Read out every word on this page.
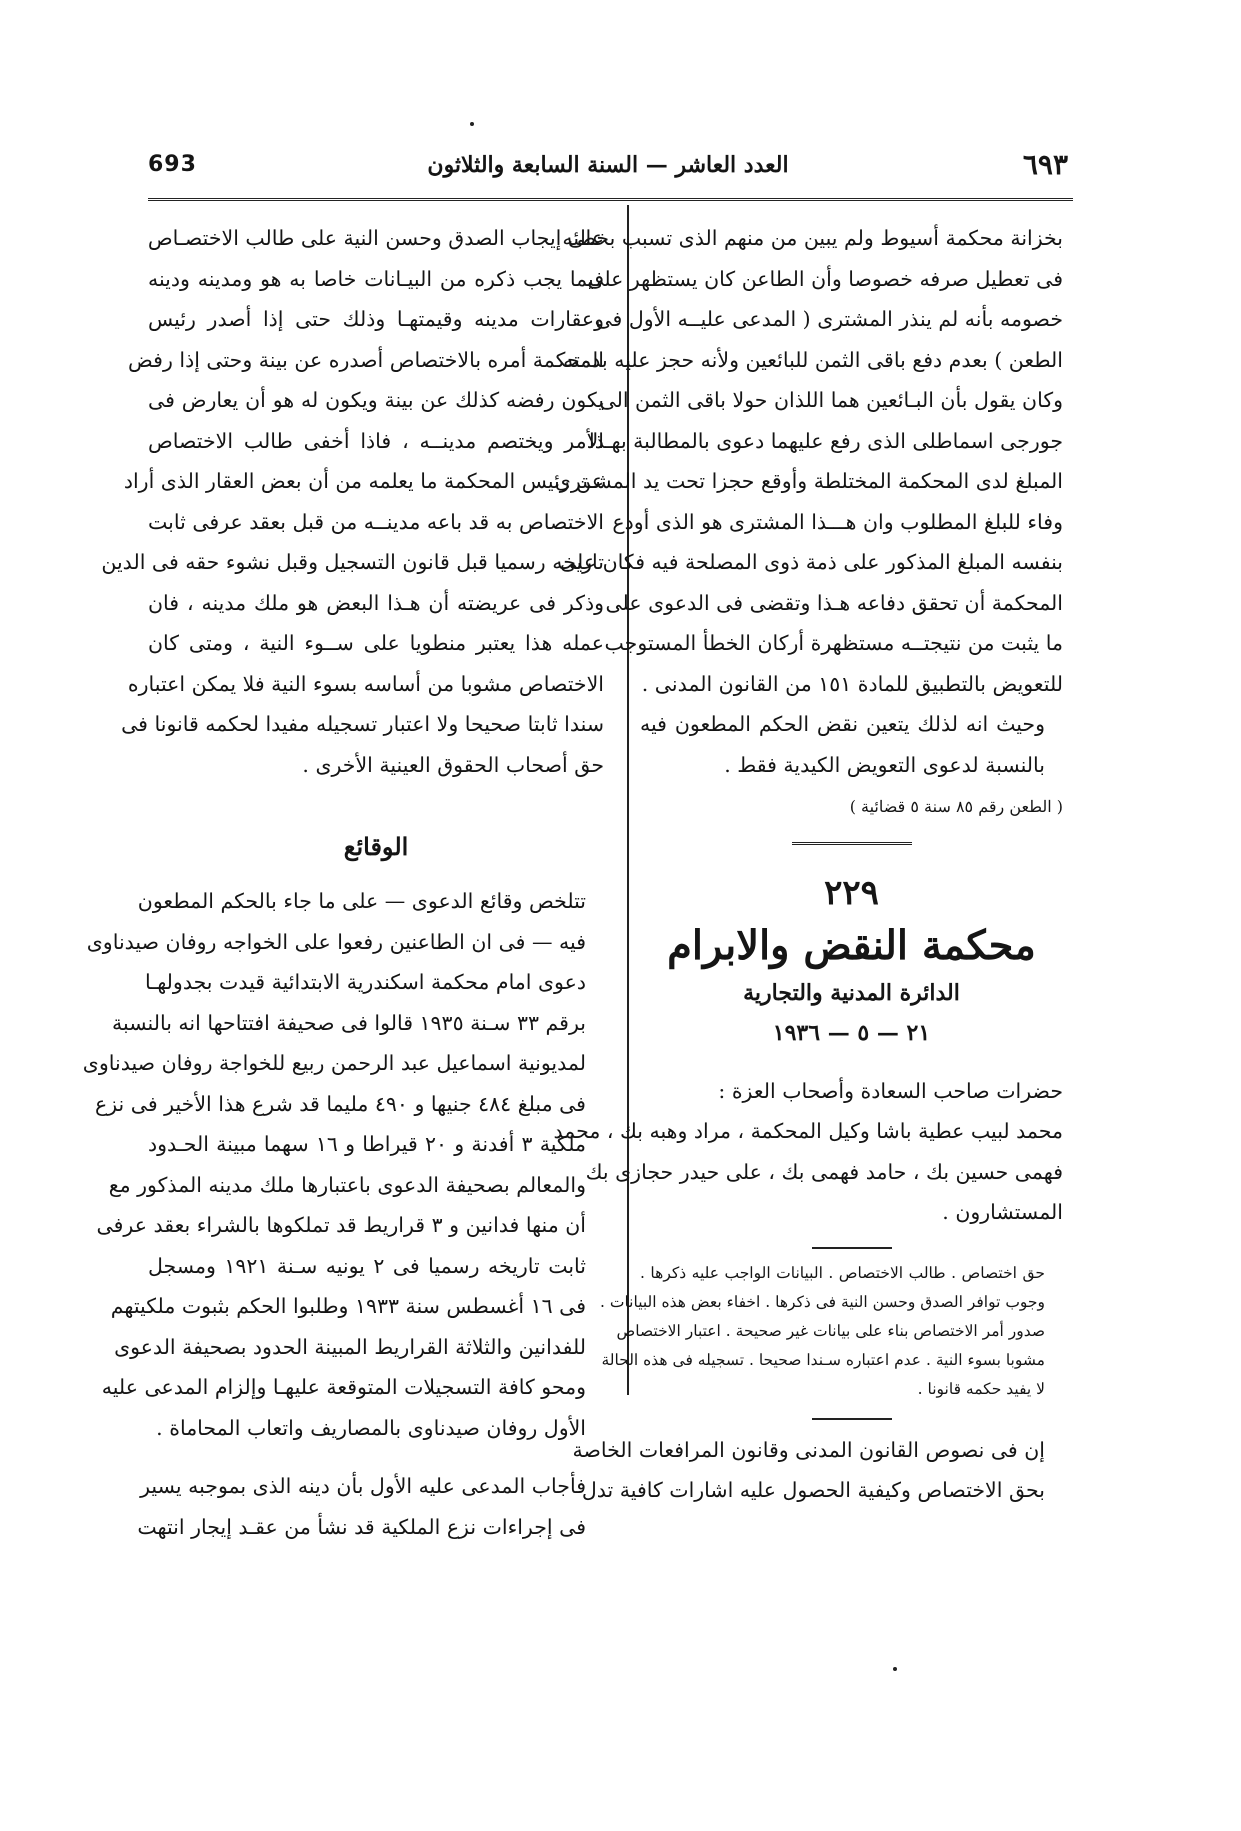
693	العدد العاشر — السنة السابعة والثلاثون	٦٩٣

بخزانة محكمة أسيوط ولم يبين من منهم الذى تسبب بخطئه
فى تعطيل صرفه خصوصا وأن الطاعن كان يستظهر على
خصومه بأنه لم ينذر المشترى ( المدعى عليــه الأول فى
الطعن ) بعدم دفع باقى الثمن للبائعين ولأنه حجز عليه بذمته
وكان يقول بأن البـائعين هما اللذان حولا باقى الثمن الى
جورجى اسماطلى الذى رفع عليهما دعوى بالمطالبة بهـذا
المبلغ لدى المحكمة المختلطة وأوقع حجزا تحت يد المشـترى
وفاء للبلغ المطلوب وان هـــذا المشترى هو الذى أودع
بنفسه المبلغ المذكور على ذمة ذوى المصلحة فيه فكان على
المحكمة أن تحقق دفاعه هـذا وتقضى فى الدعوى على
ما يثبت من نتيجتــه مستظهرة أركان الخطأ المستوجب
للتعويض بالتطبيق للمادة ١٥١ من القانون المدنى .

وحيث انه لذلك يتعين نقض الحكم المطعون فيه
بالنسبة لدعوى التعويض الكيدية فقط .

( الطعن رقم ٨٥ سنة ٥ قضائية )
٢٢٩
محكمة النقض والابرام
الدائرة المدنية والتجارية
٢١ — ٥ — ١٩٣٦

حضرات صاحب السعادة وأصحاب العزة :
محمد لبيب عطية باشا وكيل المحكمة ، مراد وهبه بك ، محمد
فهمى حسين بك ، حامد فهمى بك ، على حيدر حجازى بك
المستشارون .

حق اختصاص . طالب الاختصاص . البيانات الواجب عليه ذكرها .
وجوب توافر الصدق وحسن النية فى ذكرها . اخفاء بعض هذه البيانات .
صدور أمر الاختصاص بناء على بيانات غير صحيحة . اعتبار الاختصاص
مشوبا بسوء النية . عدم اعتباره سـندا صحيحا . تسجيله فى هذه الحالة
لا يفيد حكمه قانونا .

إن فى نصوص القانون المدنى وقانون المرافعات الخاصة
بحق الاختصاص وكيفية الحصول عليه اشارات كافية تدل

على إيجاب الصدق وحسن النية على طالب الاختصـاص
فيما يجب ذكره من البيـانات خاصا به هو ومدينه ودينه
وعقارات مدينه وقيمتهـا وذلك حتى إذا أصدر رئيس
المحكمة أمره بالاختصاص أصدره عن بينة وحتى إذا رفض
يكون رفضه كذلك عن بينة ويكون له هو أن يعارض فى
الأمر ويختصم مدينــه ، فاذا أخفى طالب الاختصاص
عن رئيس المحكمة ما يعلمه من أن بعض العقار الذى أراد
الاختصاص به قد باعه مدينــه من قبل بعقد عرفى ثابت
تاريخه رسميا قبل قانون التسجيل وقبل نشوء حقه فى الدين
وذكر فى عريضته أن هـذا البعض هو ملك مدينه ، فان
عمله هذا يعتبر منطويا على ســوء النية ، ومتى كان
الاختصاص مشوبا من أساسه بسوء النية فلا يمكن اعتباره
سندا ثابتا صحيحا ولا اعتبار تسجيله مفيدا لحكمه قانونا فى
حق أصحاب الحقوق العينية الأخرى .

الوقائع

تتلخص وقائع الدعوى — على ما جاء بالحكم المطعون
فيه — فى ان الطاعنين رفعوا على الخواجه روفان صيدناوى
دعوى امام محكمة اسكندرية الابتدائية قيدت بجدولهـا
برقم ٣٣ سـنة ١٩٣٥ قالوا فى صحيفة افتتاحها انه بالنسبة
لمديونية اسماعيل عبد الرحمن ربيع للخواجة روفان صيدناوى
فى مبلغ ٤٨٤ جنيها و ٤٩٠ مليما قد شرع هذا الأخير فى نزع
ملكية ٣ أفدنة و ٢٠ قيراطا و ١٦ سهما مبينة الحـدود
والمعالم بصحيفة الدعوى باعتبارها ملك مدينه المذكور مع
أن منها فدانين و ٣ قراريط قد تملكوها بالشراء بعقد عرفى
ثابت تاريخه رسميا فى ٢ يونيه سـنة ١٩٢١ ومسجل
فى ١٦ أغسطس سنة ١٩٣٣ وطلبوا الحكم بثبوت ملكيتهم
للفدانين والثلاثة القراريط المبينة الحدود بصحيفة الدعوى
ومحو كافة التسجيلات المتوقعة عليهـا وإلزام المدعى عليه
الأول روفان صيدناوى بالمصاريف واتعاب المحاماة .

فأجاب المدعى عليه الأول بأن دينه الذى بموجبه يسير
فى إجراءات نزع الملكية قد نشأ من عقـد إيجار انتهت
